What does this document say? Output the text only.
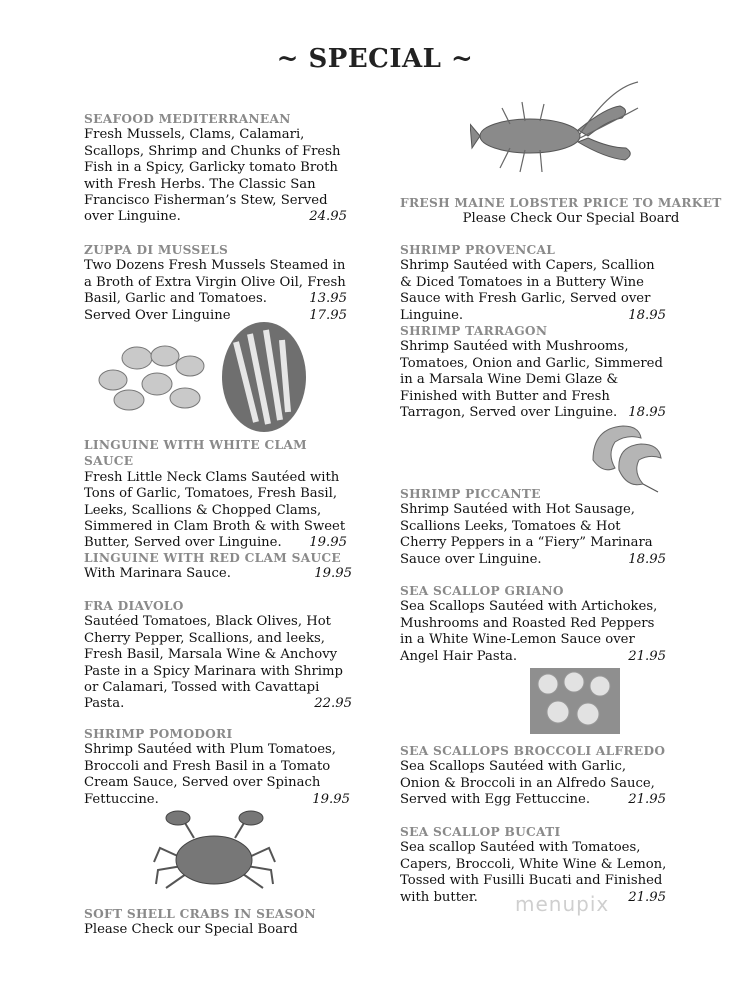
~ SPECIAL ~
SEAFOOD MEDITERRANEAN
Fresh Mussels, Clams, Calamari,
Scallops, Shrimp and Chunks of Fresh
Fish in a Spicy, Garlicky tomato Broth
with Fresh Herbs. The Classic San
Francisco Fisherman’s Stew, Served
over Linguine.	24.95
ZUPPA DI MUSSELS
Two Dozens Fresh Mussels Steamed in
a Broth of Extra Virgin Olive Oil, Fresh
Basil, Garlic and Tomatoes.
Served Over Linguine
13.95
17.95
LINGUINE WITH WHITE CLAM SAUCE
Fresh Little Neck Clams Sautéed with
Tons of Garlic, Tomatoes, Fresh Basil,
Leeks, Scallions & Chopped Clams,
Simmered in Clam Broth & with Sweet
Butter, Served over Linguine.	19.95
LINGUINE WITH RED CLAM SAUCE
With Marinara Sauce.	19.95
FRA DIAVOLO
Sautéed Tomatoes, Black Olives, Hot
Cherry Pepper, Scallions, and leeks,
Fresh Basil, Marsala Wine & Anchovy
Paste in a Spicy Marinara with Shrimp
or Calamari, Tossed with Cavattapi
Pasta.	22.95
SHRIMP POMODORI
Shrimp Sautéed with Plum Tomatoes,
Broccoli and Fresh Basil in a Tomato
Cream Sauce, Served over Spinach
Fettuccine.	19.95
SOFT SHELL CRABS IN SEASON
Please Check our Special Board
FRESH MAINE LOBSTER PRICE TO MARKET
Please Check Our Special Board
SHRIMP PROVENCAL
Shrimp Sautéed with Capers, Scallion
& Diced Tomatoes in a Buttery Wine
Sauce with Fresh Garlic, Served over
Linguine.	18.95
SHRIMP TARRAGON
Shrimp Sautéed with Mushrooms,
Tomatoes, Onion and Garlic, Simmered
in a Marsala Wine Demi Glaze &
Finished with Butter and Fresh
Tarragon, Served over Linguine. 18.95
SHRIMP PICCANTE
Shrimp Sautéed with Hot Sausage,
Scallions Leeks, Tomatoes & Hot
Cherry Peppers in a “Fiery” Marinara
Sauce over Linguine.	18.95
SEA SCALLOP GRIANO
Sea Scallops Sautéed with Artichokes,
Mushrooms and Roasted Red Peppers
in a White Wine-Lemon Sauce over
Angel Hair Pasta.	21.95
SEA SCALLOPS BROCCOLI ALFREDO
Sea Scallops Sautéed with Garlic,
Onion & Broccoli in an Alfredo Sauce,
Served with Egg Fettuccine.	21.95
SEA SCALLOP BUCATI
Sea scallop Sautéed with Tomatoes,
Capers, Broccoli, White Wine & Lemon,
Tossed with Fusilli Bucati and Finished
with butter.	21.95
menupix
